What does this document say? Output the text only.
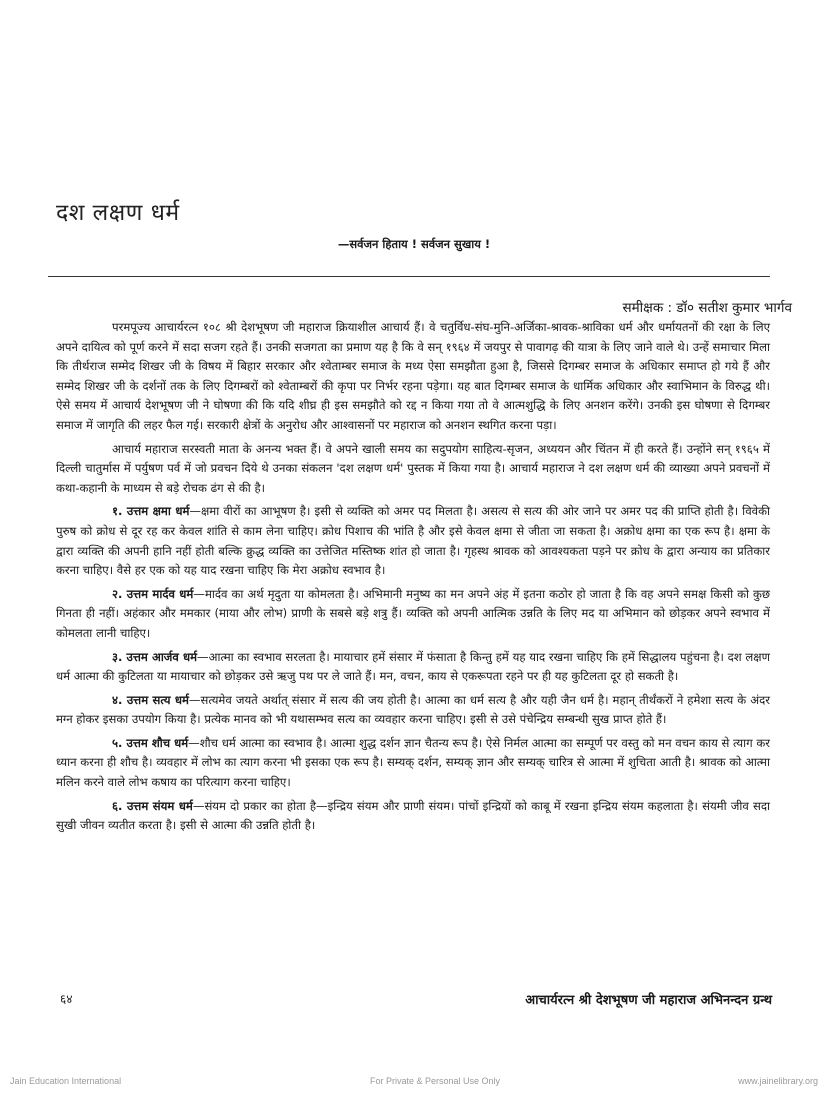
दश लक्षण धर्म
—सर्वजन हिताय ! सर्वजन सुखाय !
समीक्षक : डॉ० सतीश कुमार भार्गव

परमपूज्य आचार्यरत्न १०८ श्री देशभूषण जी महाराज क्रियाशील आचार्य हैं। वे चतुर्विध-संघ-मुनि-अर्जिका-श्रावक-श्राविका धर्म और धर्मायतनों की रक्षा के लिए अपने दायित्व को पूर्ण करने में सदा सजग रहते हैं। उनकी सजगता का प्रमाण यह है कि वे सन् १९६४ में जयपुर से पावागढ़ की यात्रा के लिए जाने वाले थे। उन्हें समाचार मिला कि तीर्थराज सम्मेद शिखर जी के विषय में बिहार सरकार और श्वेताम्बर समाज के मध्य ऐसा समझौता हुआ है, जिससे दिगम्बर समाज के अधिकार समाप्त हो गये हैं और सम्मेद शिखर जी के दर्शनों तक के लिए दिगम्बरों को श्वेताम्बरों की कृपा पर निर्भर रहना पड़ेगा। यह बात दिगम्बर समाज के धार्मिक अधिकार और स्वाभिमान के विरुद्ध थी। ऐसे समय में आचार्य देशभूषण जी ने घोषणा की कि यदि शीघ्र ही इस समझौते को रद्द न किया गया तो वे आत्मशुद्धि के लिए अनशन करेंगे। उनकी इस घोषणा से दिगम्बर समाज में जागृति की लहर फैल गई। सरकारी क्षेत्रों के अनुरोध और आश्वासनों पर महाराज को अनशन स्थगित करना पड़ा।

आचार्य महाराज सरस्वती माता के अनन्य भक्त हैं। वे अपने खाली समय का सदुपयोग साहित्य-सृजन, अध्ययन और चिंतन में ही करते हैं। उन्होंने सन् १९६५ में दिल्ली चातुर्मास में पर्युषण पर्व में जो प्रवचन दिये थे उनका संकलन 'दश लक्षण धर्म' पुस्तक में किया गया है। आचार्य महाराज ने दश लक्षण धर्म की व्याख्या अपने प्रवचनों में कथा-कहानी के माध्यम से बड़े रोचक ढंग से की है।

१. उत्तम क्षमा धर्म—क्षमा वीरों का आभूषण है। इसी से व्यक्ति को अमर पद मिलता है। असत्य से सत्य की ओर जाने पर अमर पद की प्राप्ति होती है। विवेकी पुरुष को क्रोध से दूर रह कर केवल शांति से काम लेना चाहिए। क्रोध पिशाच की भांति है और इसे केवल क्षमा से जीता जा सकता है। अक्रोध क्षमा का एक रूप है। क्षमा के द्वारा व्यक्ति की अपनी हानि नहीं होती बल्कि क्रुद्ध व्यक्ति का उत्तेजित मस्तिष्क शांत हो जाता है। गृहस्थ श्रावक को आवश्यकता पड़ने पर क्रोध के द्वारा अन्याय का प्रतिकार करना चाहिए। वैसे हर एक को यह याद रखना चाहिए कि मेरा अक्रोध स्वभाव है।

२. उत्तम मार्दव धर्म—मार्दव का अर्थ मृदुता या कोमलता है। अभिमानी मनुष्य का मन अपने अंह में इतना कठोर हो जाता है कि वह अपने समक्ष किसी को कुछ गिनता ही नहीं। अहंकार और ममकार (माया और लोभ) प्राणी के सबसे बड़े शत्रु हैं। व्यक्ति को अपनी आत्मिक उन्नति के लिए मद या अभिमान को छोड़कर अपने स्वभाव में कोमलता लानी चाहिए।

३. उत्तम आर्जव धर्म—आत्मा का स्वभाव सरलता है। मायाचार हमें संसार में फंसाता है किन्तु हमें यह याद रखना चाहिए कि हमें सिद्धालय पहुंचना है। दश लक्षण धर्म आत्मा की कुटिलता या मायाचार को छोड़कर उसे ऋजु पथ पर ले जाते हैं। मन, वचन, काय से एकरूपता रहने पर ही यह कुटिलता दूर हो सकती है।

४. उत्तम सत्य धर्म—सत्यमेव जयते अर्थात् संसार में सत्य की जय होती है। आत्मा का धर्म सत्य है और यही जैन धर्म है। महान् तीर्थंकरों ने हमेशा सत्य के अंदर मग्न होकर इसका उपयोग किया है। प्रत्येक मानव को भी यथासम्भव सत्य का व्यवहार करना चाहिए। इसी से उसे पंचेन्द्रिय सम्बन्धी सुख प्राप्त होते हैं।

५. उत्तम शौच धर्म—शौच धर्म आत्मा का स्वभाव है। आत्मा शुद्ध दर्शन ज्ञान चैतन्य रूप है। ऐसे निर्मल आत्मा का सम्पूर्ण पर वस्तु को मन वचन काय से त्याग कर ध्यान करना ही शौच है। व्यवहार में लोभ का त्याग करना भी इसका एक रूप है। सम्यक् दर्शन, सम्यक् ज्ञान और सम्यक् चारित्र से आत्मा में शुचिता आती है। श्रावक को आत्मा मलिन करने वाले लोभ कषाय का परित्याग करना चाहिए।

६. उत्तम संयम धर्म—संयम दो प्रकार का होता है—इन्द्रिय संयम और प्राणी संयम। पांचों इन्द्रियों को काबू में रखना इन्द्रिय संयम कहलाता है। संयमी जीव सदा सुखी जीवन व्यतीत करता है। इसी से आत्मा की उन्नति होती है।

६४	आचार्यरत्न श्री देशभूषण जी महाराज अभिनन्दन ग्रन्थ
Jain Education International	For Private & Personal Use Only	www.jainelibrary.org
